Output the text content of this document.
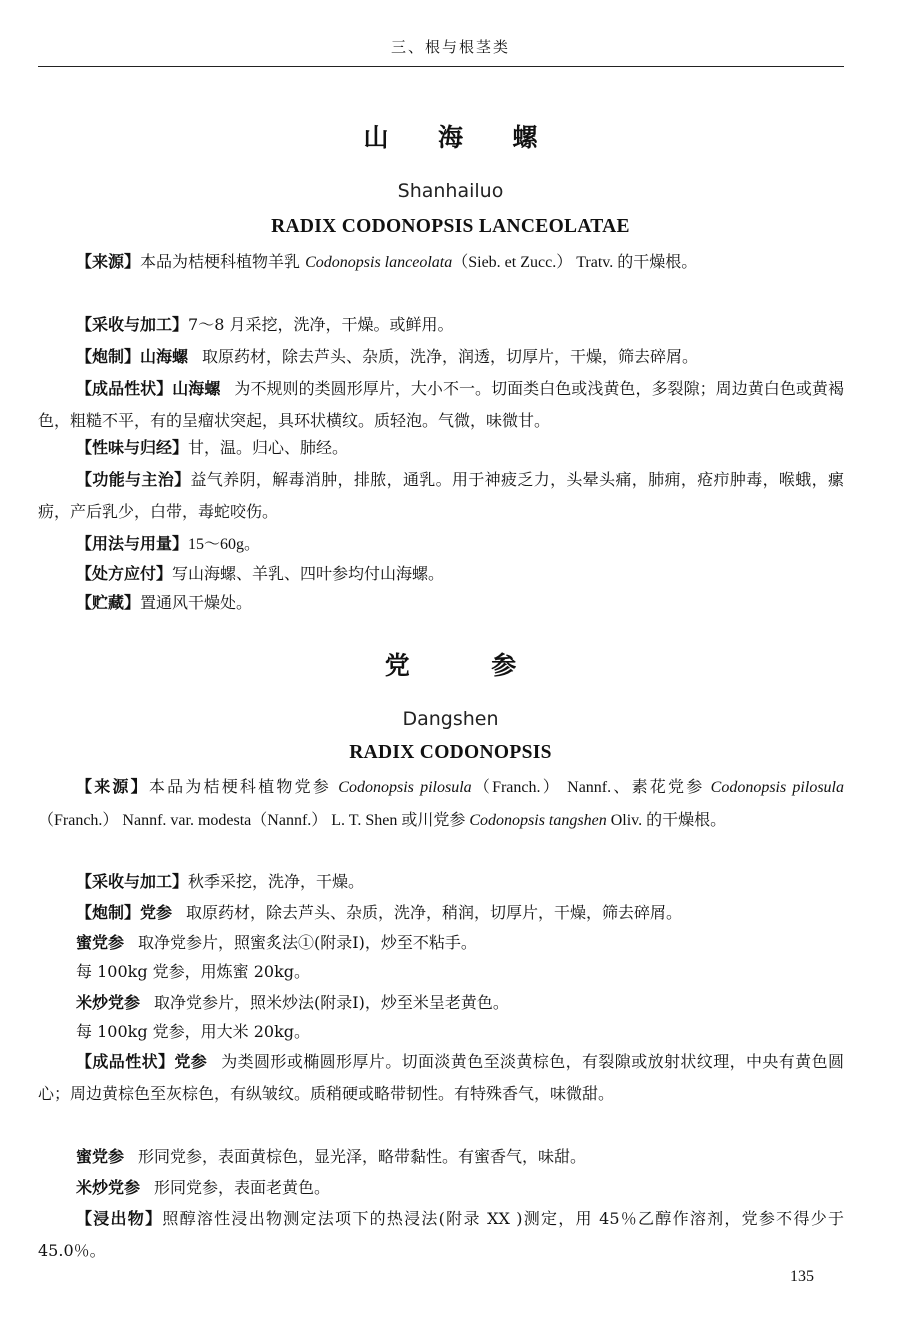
三、根与根茎类
山 海 螺
Shanhailuo
RADIX CODONOPSIS LANCEOLATAE
【来源】本品为桔梗科植物羊乳 Codonopsis lanceolata（Sieb. et Zucc.） Tratv. 的干燥根。
【采收与加工】7～8 月采挖，洗净，干燥。或鲜用。
【炮制】山海螺 取原药材，除去芦头、杂质，洗净，润透，切厚片，干燥，筛去碎屑。
【成品性状】山海螺 为不规则的类圆形厚片，大小不一。切面类白色或浅黄色，多裂隙；周边黄白色或黄褐色，粗糙不平，有的呈瘤状突起，具环状横纹。质轻泡。气微，味微甘。
【性味与归经】甘，温。归心、肺经。
【功能与主治】益气养阴，解毒消肿，排脓，通乳。用于神疲乏力，头晕头痛，肺痈，疮疖肿毒，喉蛾，瘰疬，产后乳少，白带，毒蛇咬伤。
【用法与用量】15～60g。
【处方应付】写山海螺、羊乳、四叶参均付山海螺。
【贮藏】置通风干燥处。
党	参
Dangshen
RADIX CODONOPSIS
【来源】本品为桔梗科植物党参 Codonopsis pilosula（Franch.） Nannf.、素花党参 Codonopsis pilosula（Franch.） Nannf. var. modesta（Nannf.） L. T. Shen 或川党参 Codonopsis tangshen Oliv. 的干燥根。
【采收与加工】秋季采挖，洗净，干燥。
【炮制】党参 取原药材，除去芦头、杂质，洗净，稍润，切厚片，干燥，筛去碎屑。
蜜党参 取净党参片，照蜜炙法①(附录Ⅰ)，炒至不粘手。
每 100kg 党参，用炼蜜 20kg。
米炒党参 取净党参片，照米炒法(附录Ⅰ)，炒至米呈老黄色。
每 100kg 党参，用大米 20kg。
【成品性状】党参 为类圆形或椭圆形厚片。切面淡黄色至淡黄棕色，有裂隙或放射状纹理，中央有黄色圆心；周边黄棕色至灰棕色，有纵皱纹。质稍硬或略带韧性。有特殊香气，味微甜。
蜜党参 形同党参，表面黄棕色，显光泽，略带黏性。有蜜香气，味甜。
米炒党参 形同党参，表面老黄色。
【浸出物】照醇溶性浸出物测定法项下的热浸法(附录 XX )测定，用 45％乙醇作溶剂，党参不得少于 45.0％。
135
